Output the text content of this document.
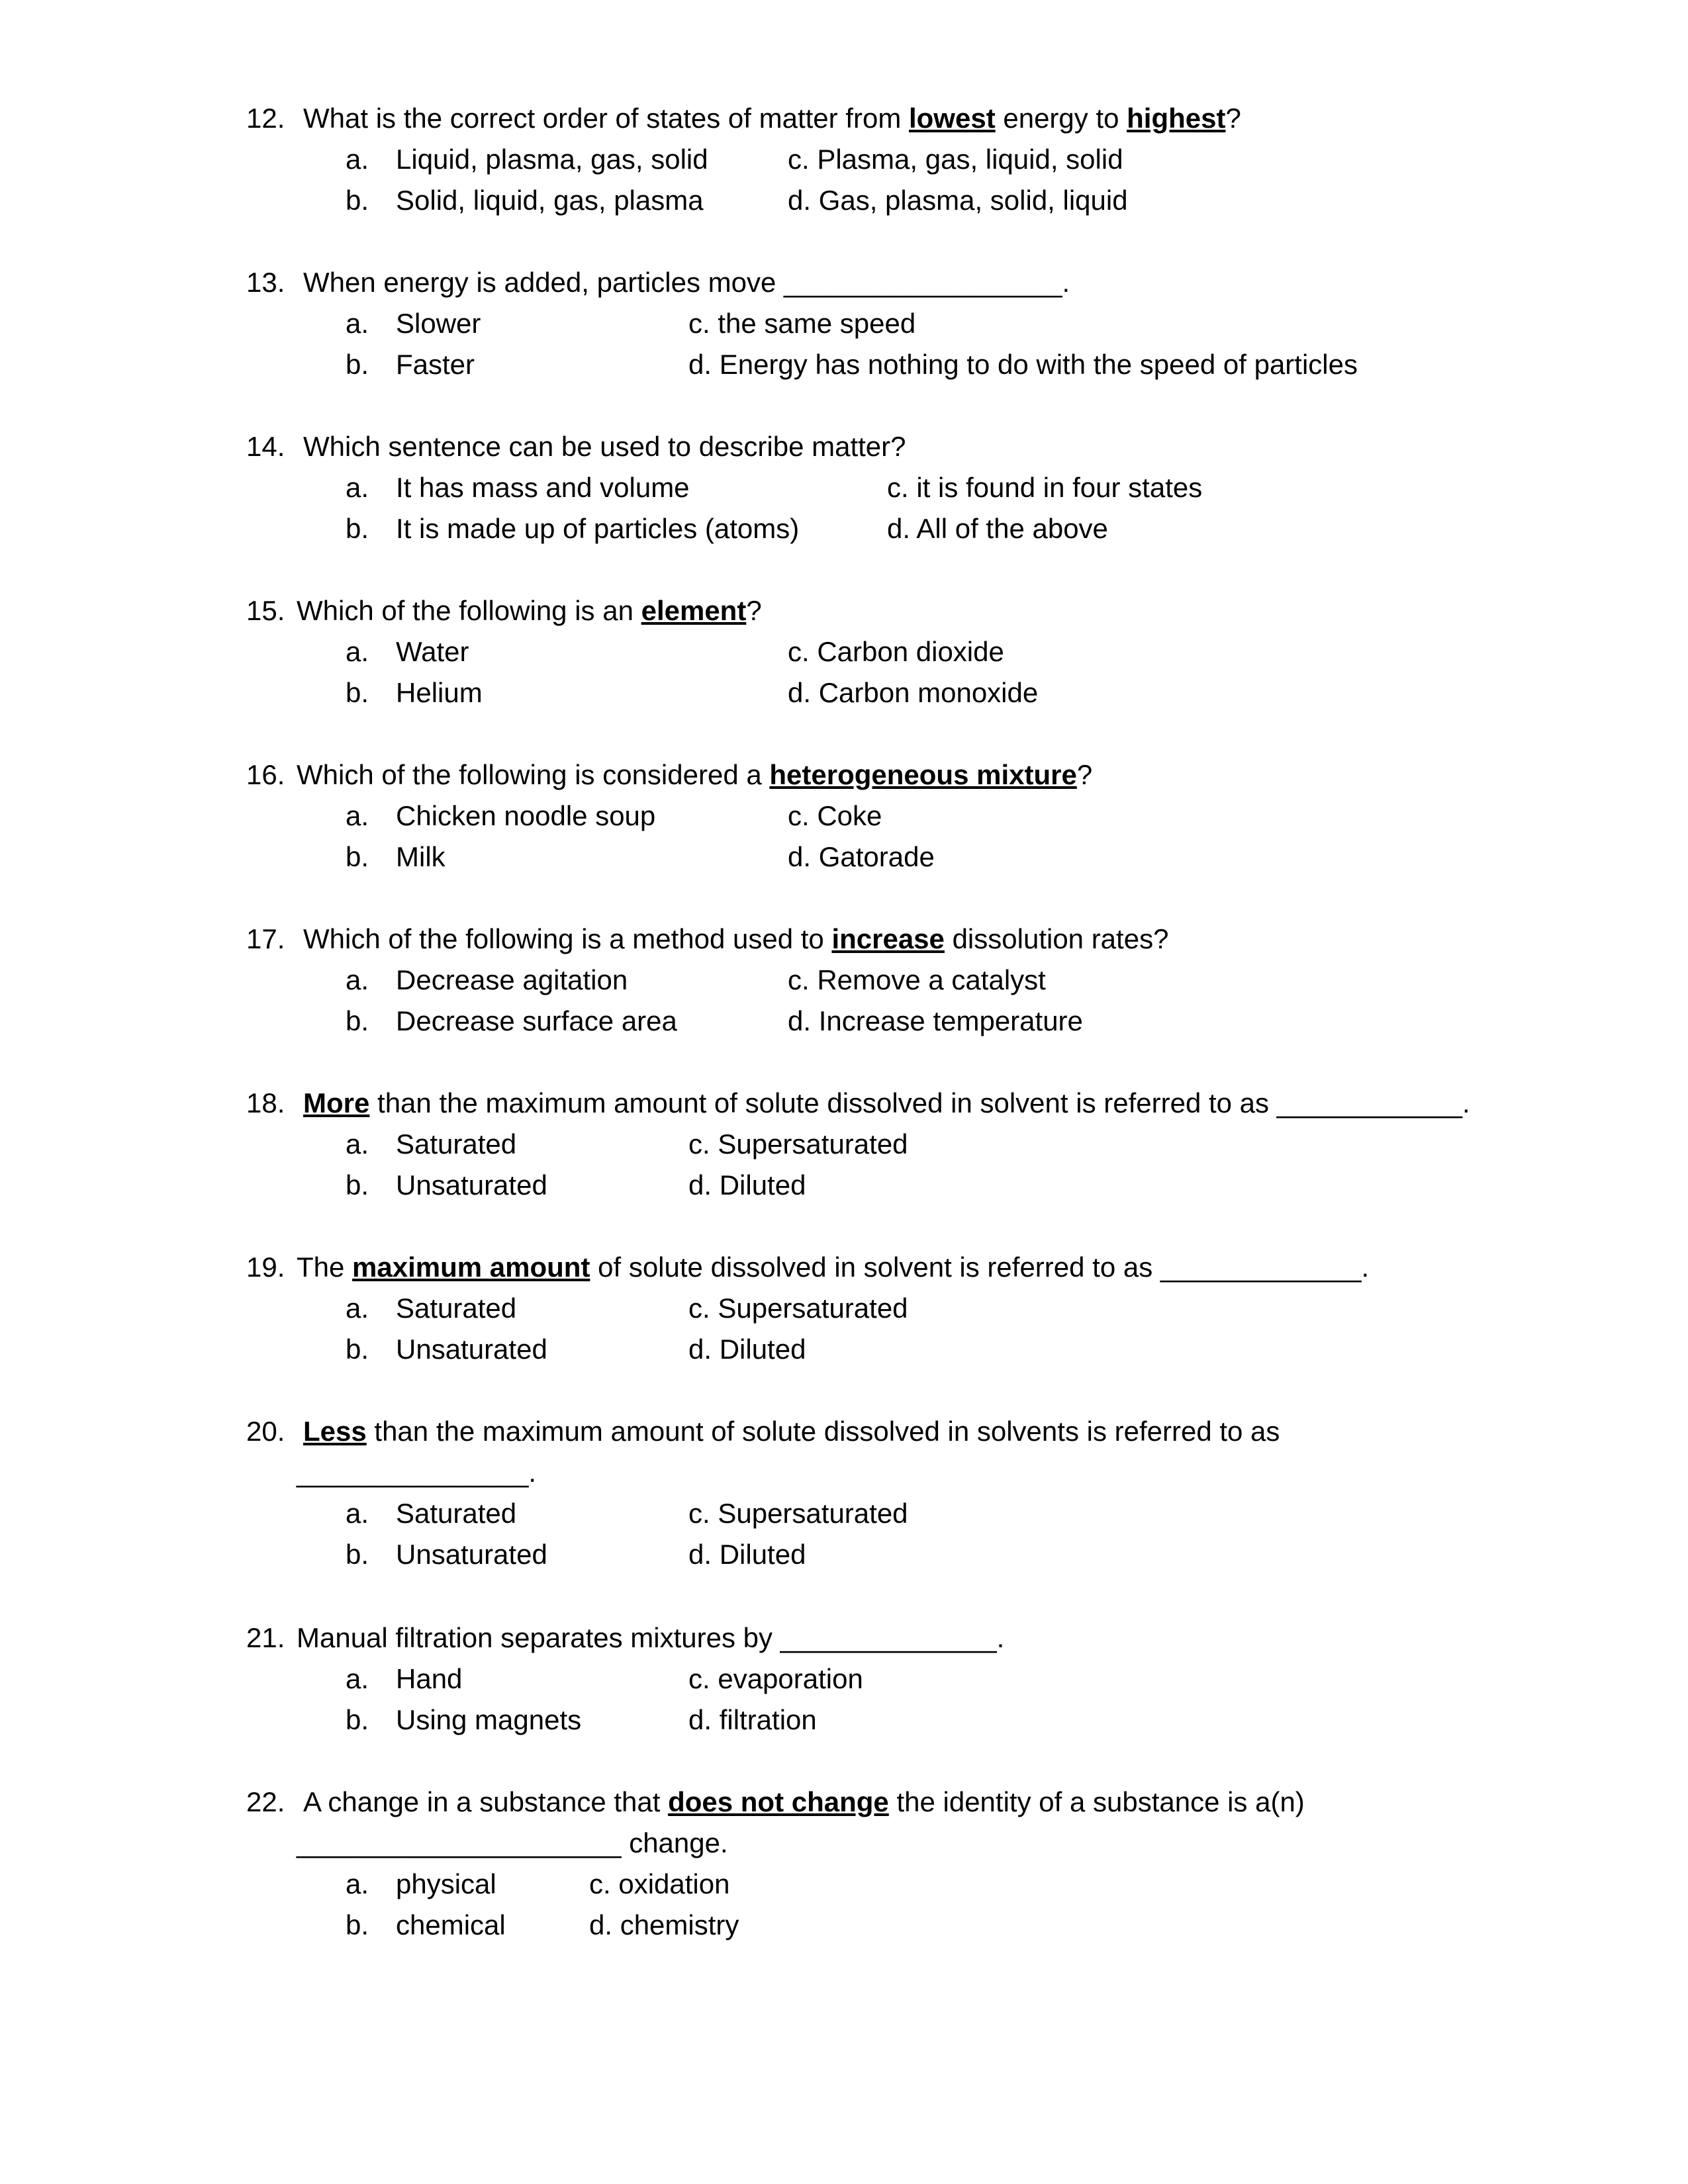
12. What is the correct order of states of matter from lowest energy to highest?
a. Liquid, plasma, gas, solid	c. Plasma, gas, liquid, solid
b. Solid, liquid, gas, plasma	d. Gas, plasma, solid, liquid
13. When energy is added, particles move __________________.
a. Slower	c. the same speed
b. Faster	d. Energy has nothing to do with the speed of particles
14. Which sentence can be used to describe matter?
a. It has mass and volume	c. it is found in four states
b. It is made up of particles (atoms)	d. All of the above
15. Which of the following is an element?
a. Water	c. Carbon dioxide
b. Helium	d. Carbon monoxide
16. Which of the following is considered a heterogeneous mixture?
a. Chicken noodle soup	c. Coke
b. Milk	d. Gatorade
17. Which of the following is a method used to increase dissolution rates?
a. Decrease agitation	c. Remove a catalyst
b. Decrease surface area	d. Increase temperature
18. More than the maximum amount of solute dissolved in solvent is referred to as ____________.
a. Saturated	c. Supersaturated
b. Unsaturated	d. Diluted
19. The maximum amount of solute dissolved in solvent is referred to as _____________.
a. Saturated	c. Supersaturated
b. Unsaturated	d. Diluted
20. Less than the maximum amount of solute dissolved in solvents is referred to as
_______________.
a. Saturated	c. Supersaturated
b. Unsaturated	d. Diluted
21. Manual filtration separates mixtures by ______________.
a. Hand	c. evaporation
b. Using magnets	d. filtration
22. A change in a substance that does not change the identity of a substance is a(n)
_____________________ change.
a. physical	c. oxidation
b. chemical	d. chemistry
